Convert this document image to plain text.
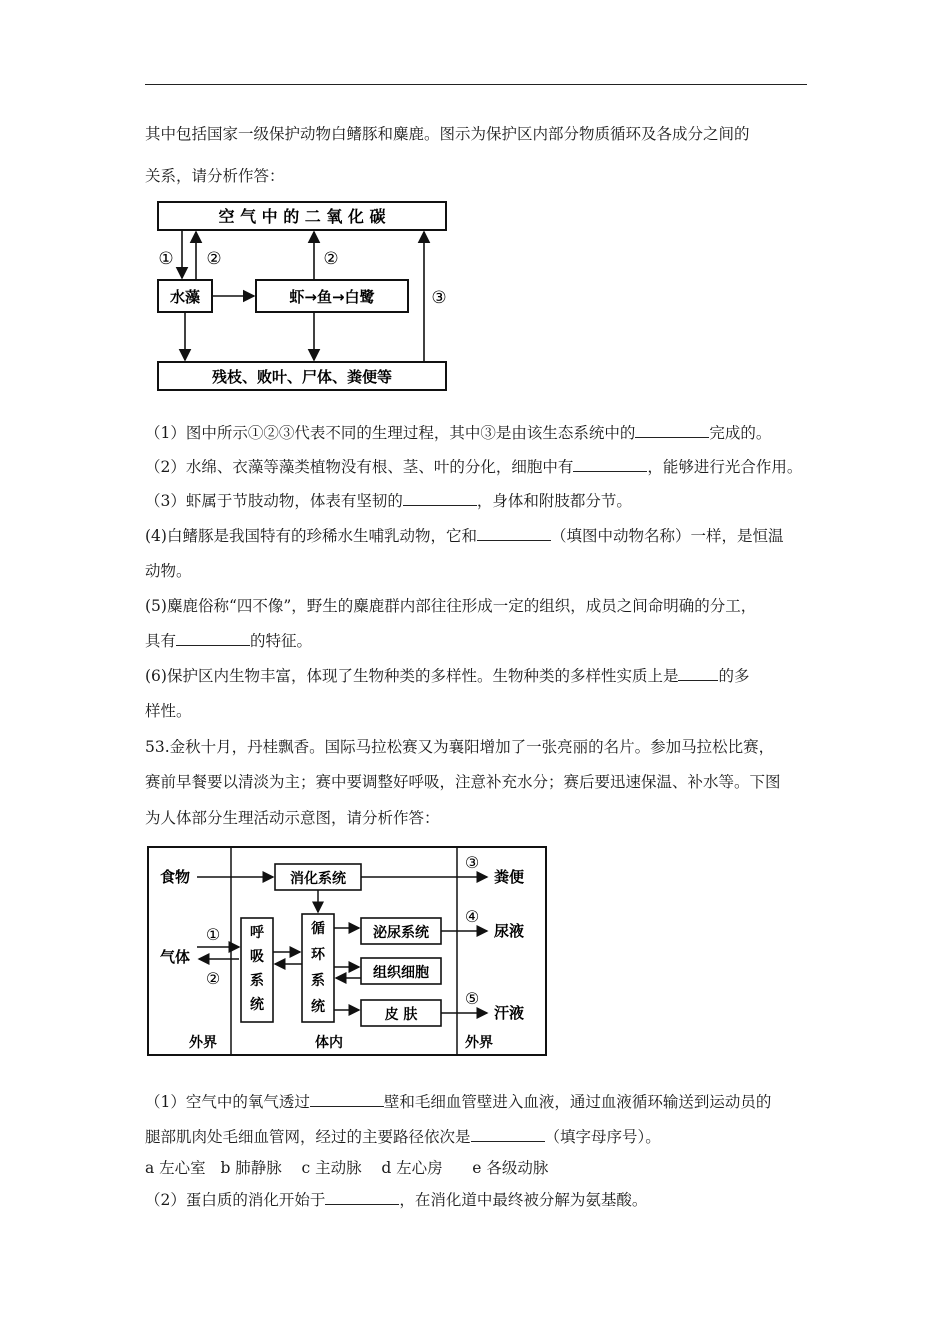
其中包括国家一级保护动物白鳍豚和麋鹿。图示为保护区内部分物质循环及各成分之间的
关系，请分析作答：
空 气 中 的 二 氧 化 碳
水藻	虾→鱼→白鹭
残枝、败叶、尸体、粪便等
① ②	②
③
（1）图中所示①②③代表不同的生理过程，其中③是由该生态系统中的	完成的。
（2）水绵、衣藻等藻类植物没有根、茎、叶的分化，细胞中有	，能够进行光合作用。
（3）虾属于节肢动物，体表有坚韧的	，身体和附肢都分节。
(4)白鳍豚是我国特有的珍稀水生哺乳动物，它和	（填图中动物名称）一样，是恒温
动物。
(5)麋鹿俗称“四不像”，野生的麋鹿群内部往往形成一定的组织，成员之间命明确的分工，
具有	的特征。
(6)保护区内生物丰富，体现了生物种类的多样性。生物种类的多样性实质上是	的多
样性。
53.金秋十月，丹桂飘香。国际马拉松赛又为襄阳增加了一张亮丽的名片。参加马拉松比赛，
赛前早餐要以清淡为主；赛中要调整好呼吸，注意补充水分；赛后要迅速保温、补水等。下图
为人体部分生理活动示意图，请分析作答：
食物	消化系统
呼
吸
系
统
循
环
系
统
气体
①
②
泌尿系统
组织细胞
皮 肤
③
④
⑤
粪便
尿液
汗液
外界	体内	外界
（1）空气中的氧气透过	壁和毛细血管壁进入血液，通过血液循环输送到运动员的
腿部肌肉处毛细血管网，经过的主要路径依次是	（填字母序号）。
a 左心室   b 肺静脉    c 主动脉    d 左心房      e 各级动脉
（2）蛋白质的消化开始于	，在消化道中最终被分解为氨基酸。
